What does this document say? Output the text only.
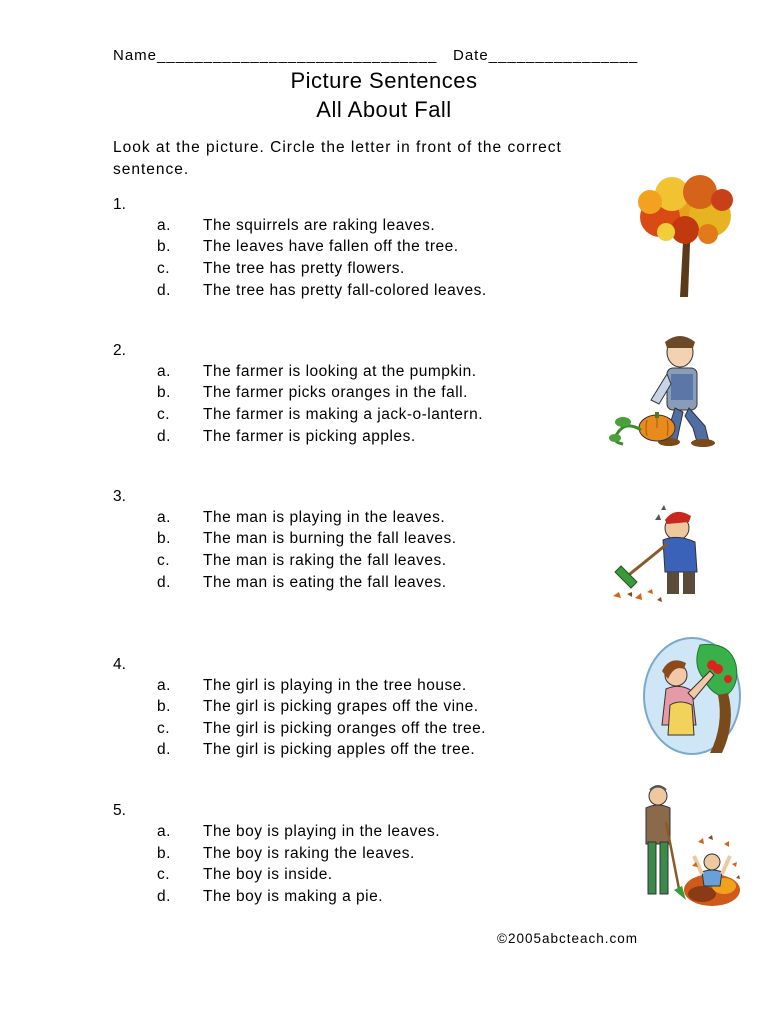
Name______________________________ Date________________
Picture Sentences
All About Fall
Look at the picture. Circle the letter in front of the correct sentence.
1.
a. The squirrels are raking leaves.
b. The leaves have fallen off the tree.
c. The tree has pretty flowers.
d. The tree has pretty fall-colored leaves.
2.
a. The farmer is looking at the pumpkin.
b. The farmer picks oranges in the fall.
c. The farmer is making a jack-o-lantern.
d. The farmer is picking apples.
3.
a. The man is playing in the leaves.
b. The man is burning the fall leaves.
c. The man is raking the fall leaves.
d. The man is eating the fall leaves.
4.
a. The girl is playing in the tree house.
b. The girl is picking grapes off the vine.
c. The girl is picking oranges off the tree.
d. The girl is picking apples off the tree.
5.
a. The boy is playing in the leaves.
b. The boy is raking the leaves.
c. The boy is inside.
d. The boy is making a pie.
©2005abcteach.com
